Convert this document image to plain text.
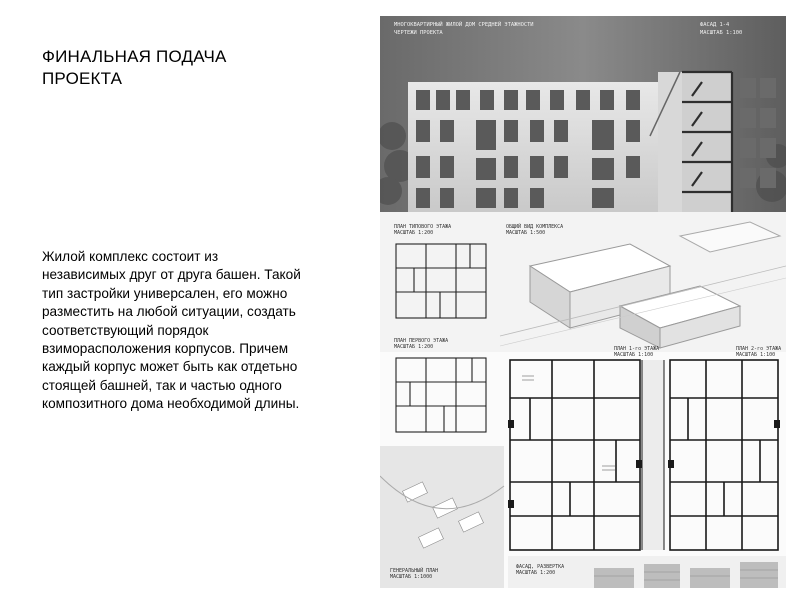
ФИНАЛЬНАЯ ПОДАЧА
ПРОЕКТА
Жилой комплекс состоит из
независимых друг от друга башен. Такой
тип застройки универсален, его можно
разместить на любой ситуации, создать
соответствующий порядок
взиморасположения корпусов. Причем
каждый корпус может быть как отдетьно
стоящей башней, так и частью одного
композитного дома необходимой длины.
МНОГОКВАРТИРНЫЙ ЖИЛОЙ ДОМ СРЕДНЕЙ ЭТАЖНОСТИ
ЧЕРТЕЖИ ПРОЕКТА
ФАСАД 1-4
МАСШТАБ 1:100
ПЛАН ТИПОВОГО ЭТАЖА
МАСШТАБ 1:200
ОБЩИЙ ВИД КОМПЛЕКСА
МАСШТАБ 1:500
ПЛАН ПЕРВОГО ЭТАЖА
МАСШТАБ 1:200
ГЕНЕРАЛЬНЫЙ ПЛАН
МАСШТАБ 1:1000
ПЛАН 1-го ЭТАЖА
МАСШТАБ 1:100
ПЛАН 2-го ЭТАЖА
МАСШТАБ 1:100
ФАСАД, РАЗВЕРТКА
МАСШТАБ 1:200
